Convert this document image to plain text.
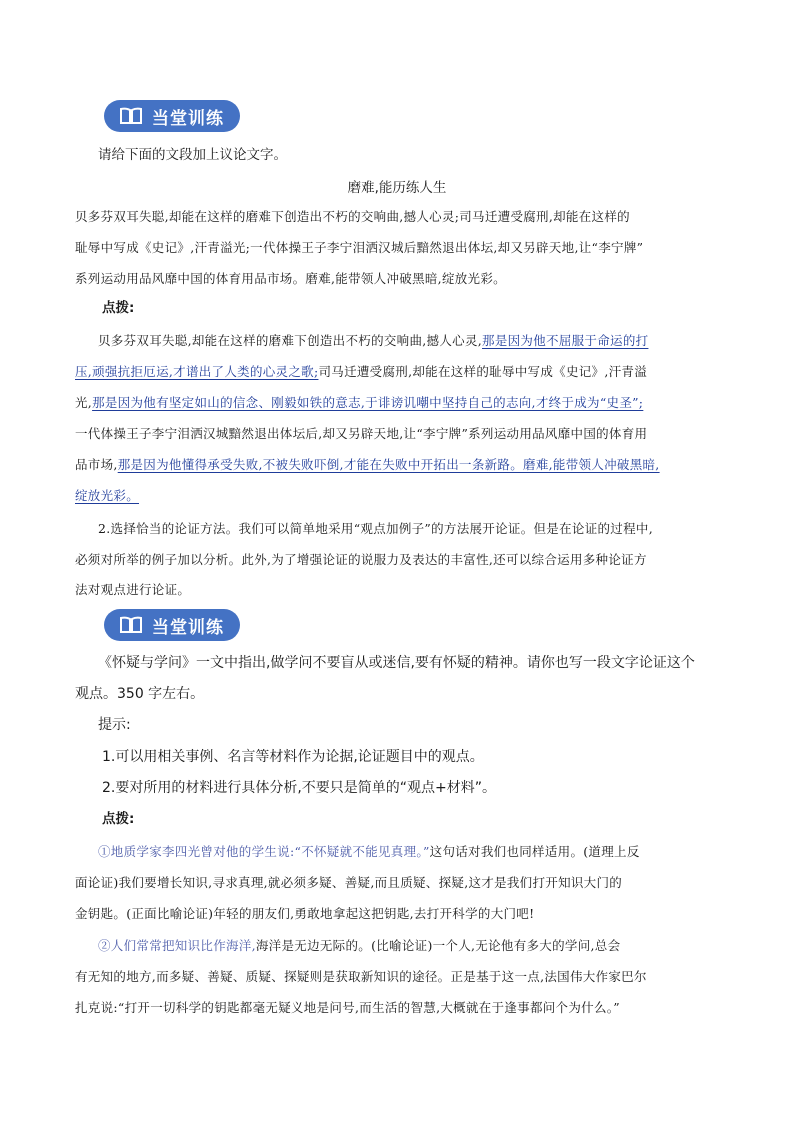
当堂训练
请给下面的文段加上议论文字。
磨难,能历练人生
贝多芬双耳失聪,却能在这样的磨难下创造出不朽的交响曲,撼人心灵;司马迁遭受腐刑,却能在这样的
耻辱中写成《史记》,汗青溢光;一代体操王子李宁泪洒汉城后黯然退出体坛,却又另辟天地,让“李宁牌”
系列运动用品风靡中国的体育用品市场。磨难,能带领人冲破黑暗,绽放光彩。
点拨:
贝多芬双耳失聪,却能在这样的磨难下创造出不朽的交响曲,撼人心灵,那是因为他不屈服于命运的打
压,顽强抗拒厄运,才谱出了人类的心灵之歌;司马迁遭受腐刑,却能在这样的耻辱中写成《史记》,汗青溢
光,那是因为他有坚定如山的信念、刚毅如铁的意志,于诽谤讥嘲中坚持自己的志向,才终于成为“史圣”;
一代体操王子李宁泪洒汉城黯然退出体坛后,却又另辟天地,让“李宁牌”系列运动用品风靡中国的体育用
品市场,那是因为他懂得承受失败,不被失败吓倒,才能在失败中开拓出一条新路。磨难,能带领人冲破黑暗,
绽放光彩。
2.选择恰当的论证方法。我们可以简单地采用“观点加例子”的方法展开论证。但是在论证的过程中,
必须对所举的例子加以分析。此外,为了增强论证的说服力及表达的丰富性,还可以综合运用多种论证方
法对观点进行论证。
当堂训练
《怀疑与学问》一文中指出,做学问不要盲从或迷信,要有怀疑的精神。请你也写一段文字论证这个
观点。350 字左右。
提示:
1.可以用相关事例、名言等材料作为论据,论证题目中的观点。
2.要对所用的材料进行具体分析,不要只是简单的“观点+材料”。
点拨:
①地质学家李四光曾对他的学生说:“不怀疑就不能见真理。”这句话对我们也同样适用。(道理上反
面论证)我们要增长知识,寻求真理,就必须多疑、善疑,而且质疑、探疑,这才是我们打开知识大门的
金钥匙。(正面比喻论证)年轻的朋友们,勇敢地拿起这把钥匙,去打开科学的大门吧!
②人们常常把知识比作海洋,海洋是无边无际的。(比喻论证)一个人,无论他有多大的学问,总会
有无知的地方,而多疑、善疑、质疑、探疑则是获取新知识的途径。正是基于这一点,法国伟大作家巴尔
扎克说:“打开一切科学的钥匙都毫无疑义地是问号,而生活的智慧,大概就在于逢事都问个为什么。”
